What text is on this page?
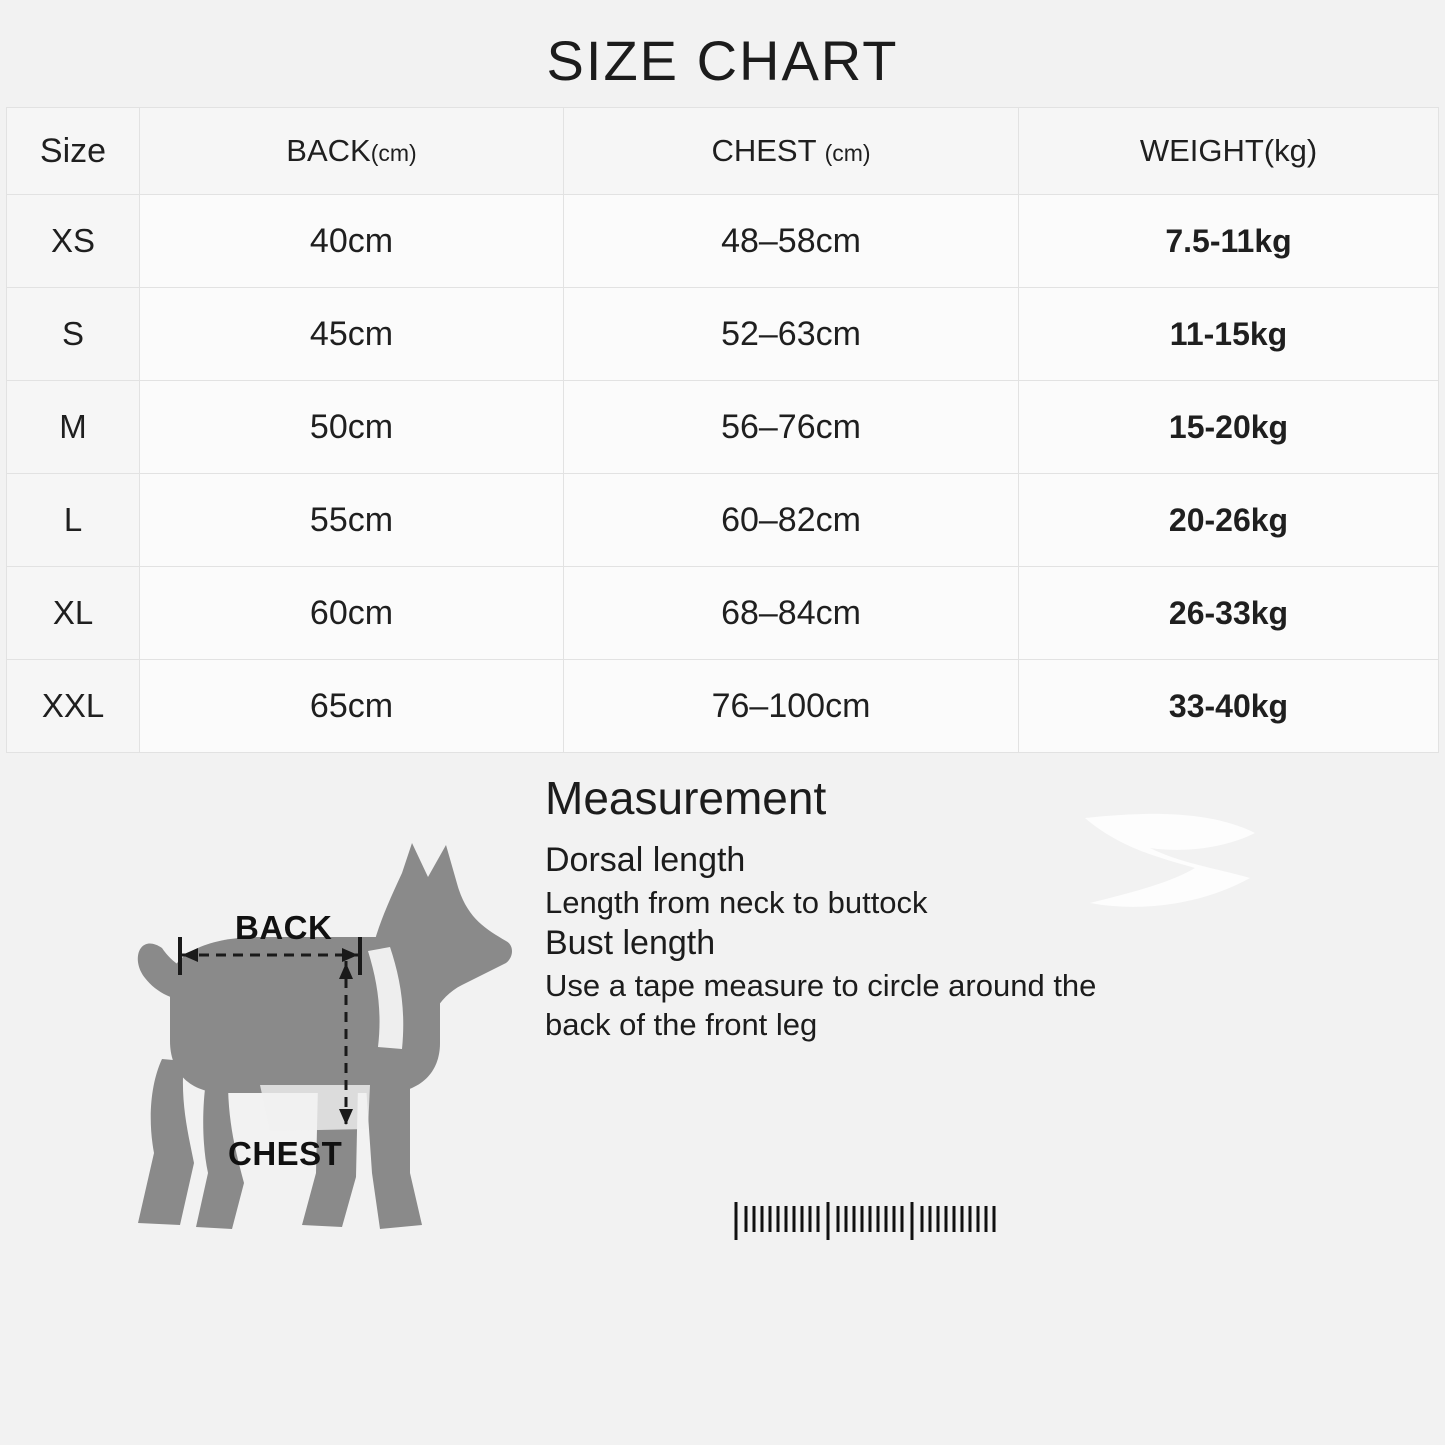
SIZE CHART
Size	BACK(cm)	CHEST (cm)	WEIGHT(kg)
XS	40cm	48–58cm	7.5-11kg
S	45cm	52–63cm	11-15kg
M	50cm	56–76cm	15-20kg
L	55cm	60–82cm	20-26kg
XL	60cm	68–84cm	26-33kg
XXL	65cm	76–100cm	33-40kg
BACK
CHEST
Measurement
Dorsal length
Length from neck to buttock
Bust length
Use a tape measure to circle around the
back of the front leg
